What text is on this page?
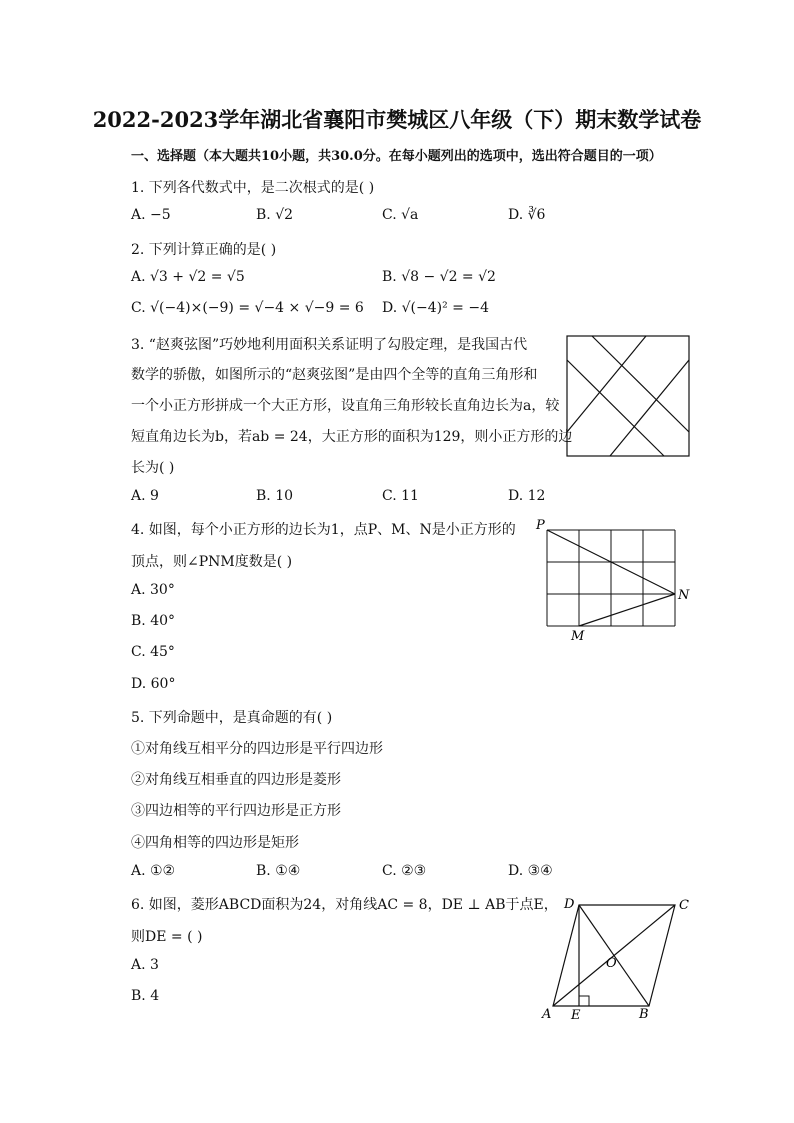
2022-2023学年湖北省襄阳市樊城区八年级（下）期末数学试卷
一、选择题（本大题共10小题，共30.0分。在每小题列出的选项中，选出符合题目的一项）
1. 下列各代数式中，是二次根式的是( )
A. −5	B. √2	C. √a	D. ∛6
2. 下列计算正确的是( )
A. √3 + √2 = √5	B. √8 − √2 = √2
C. √(−4)×(−9) = √−4 × √−9 = 6 D. √(−4)² = −4
3. “赵爽弦图”巧妙地利用面积关系证明了勾股定理，是我国古代
数学的骄傲，如图所示的“赵爽弦图”是由四个全等的直角三角形和
一个小正方形拼成一个大正方形，设直角三角形较长直角边长为a，较
短直角边长为b，若ab = 24，大正方形的面积为129，则小正方形的边
长为( )
A. 9	B. 10	C. 11	D. 12
4. 如图，每个小正方形的边长为1，点P、M、N是小正方形的
顶点，则∠PNM度数是( )
A. 30°
B. 40°
C. 45°
D. 60°
P
N
M
5. 下列命题中，是真命题的有( )
①对角线互相平分的四边形是平行四边形
②对角线互相垂直的四边形是菱形
③四边相等的平行四边形是正方形
④四角相等的四边形是矩形
A. ①②	B. ①④	C. ②③	D. ③④
6. 如图，菱形ABCD面积为24，对角线AC = 8，DE ⊥ AB于点E，
则DE = ( )
A. 3
B. 4
D	C
O
A E	B
